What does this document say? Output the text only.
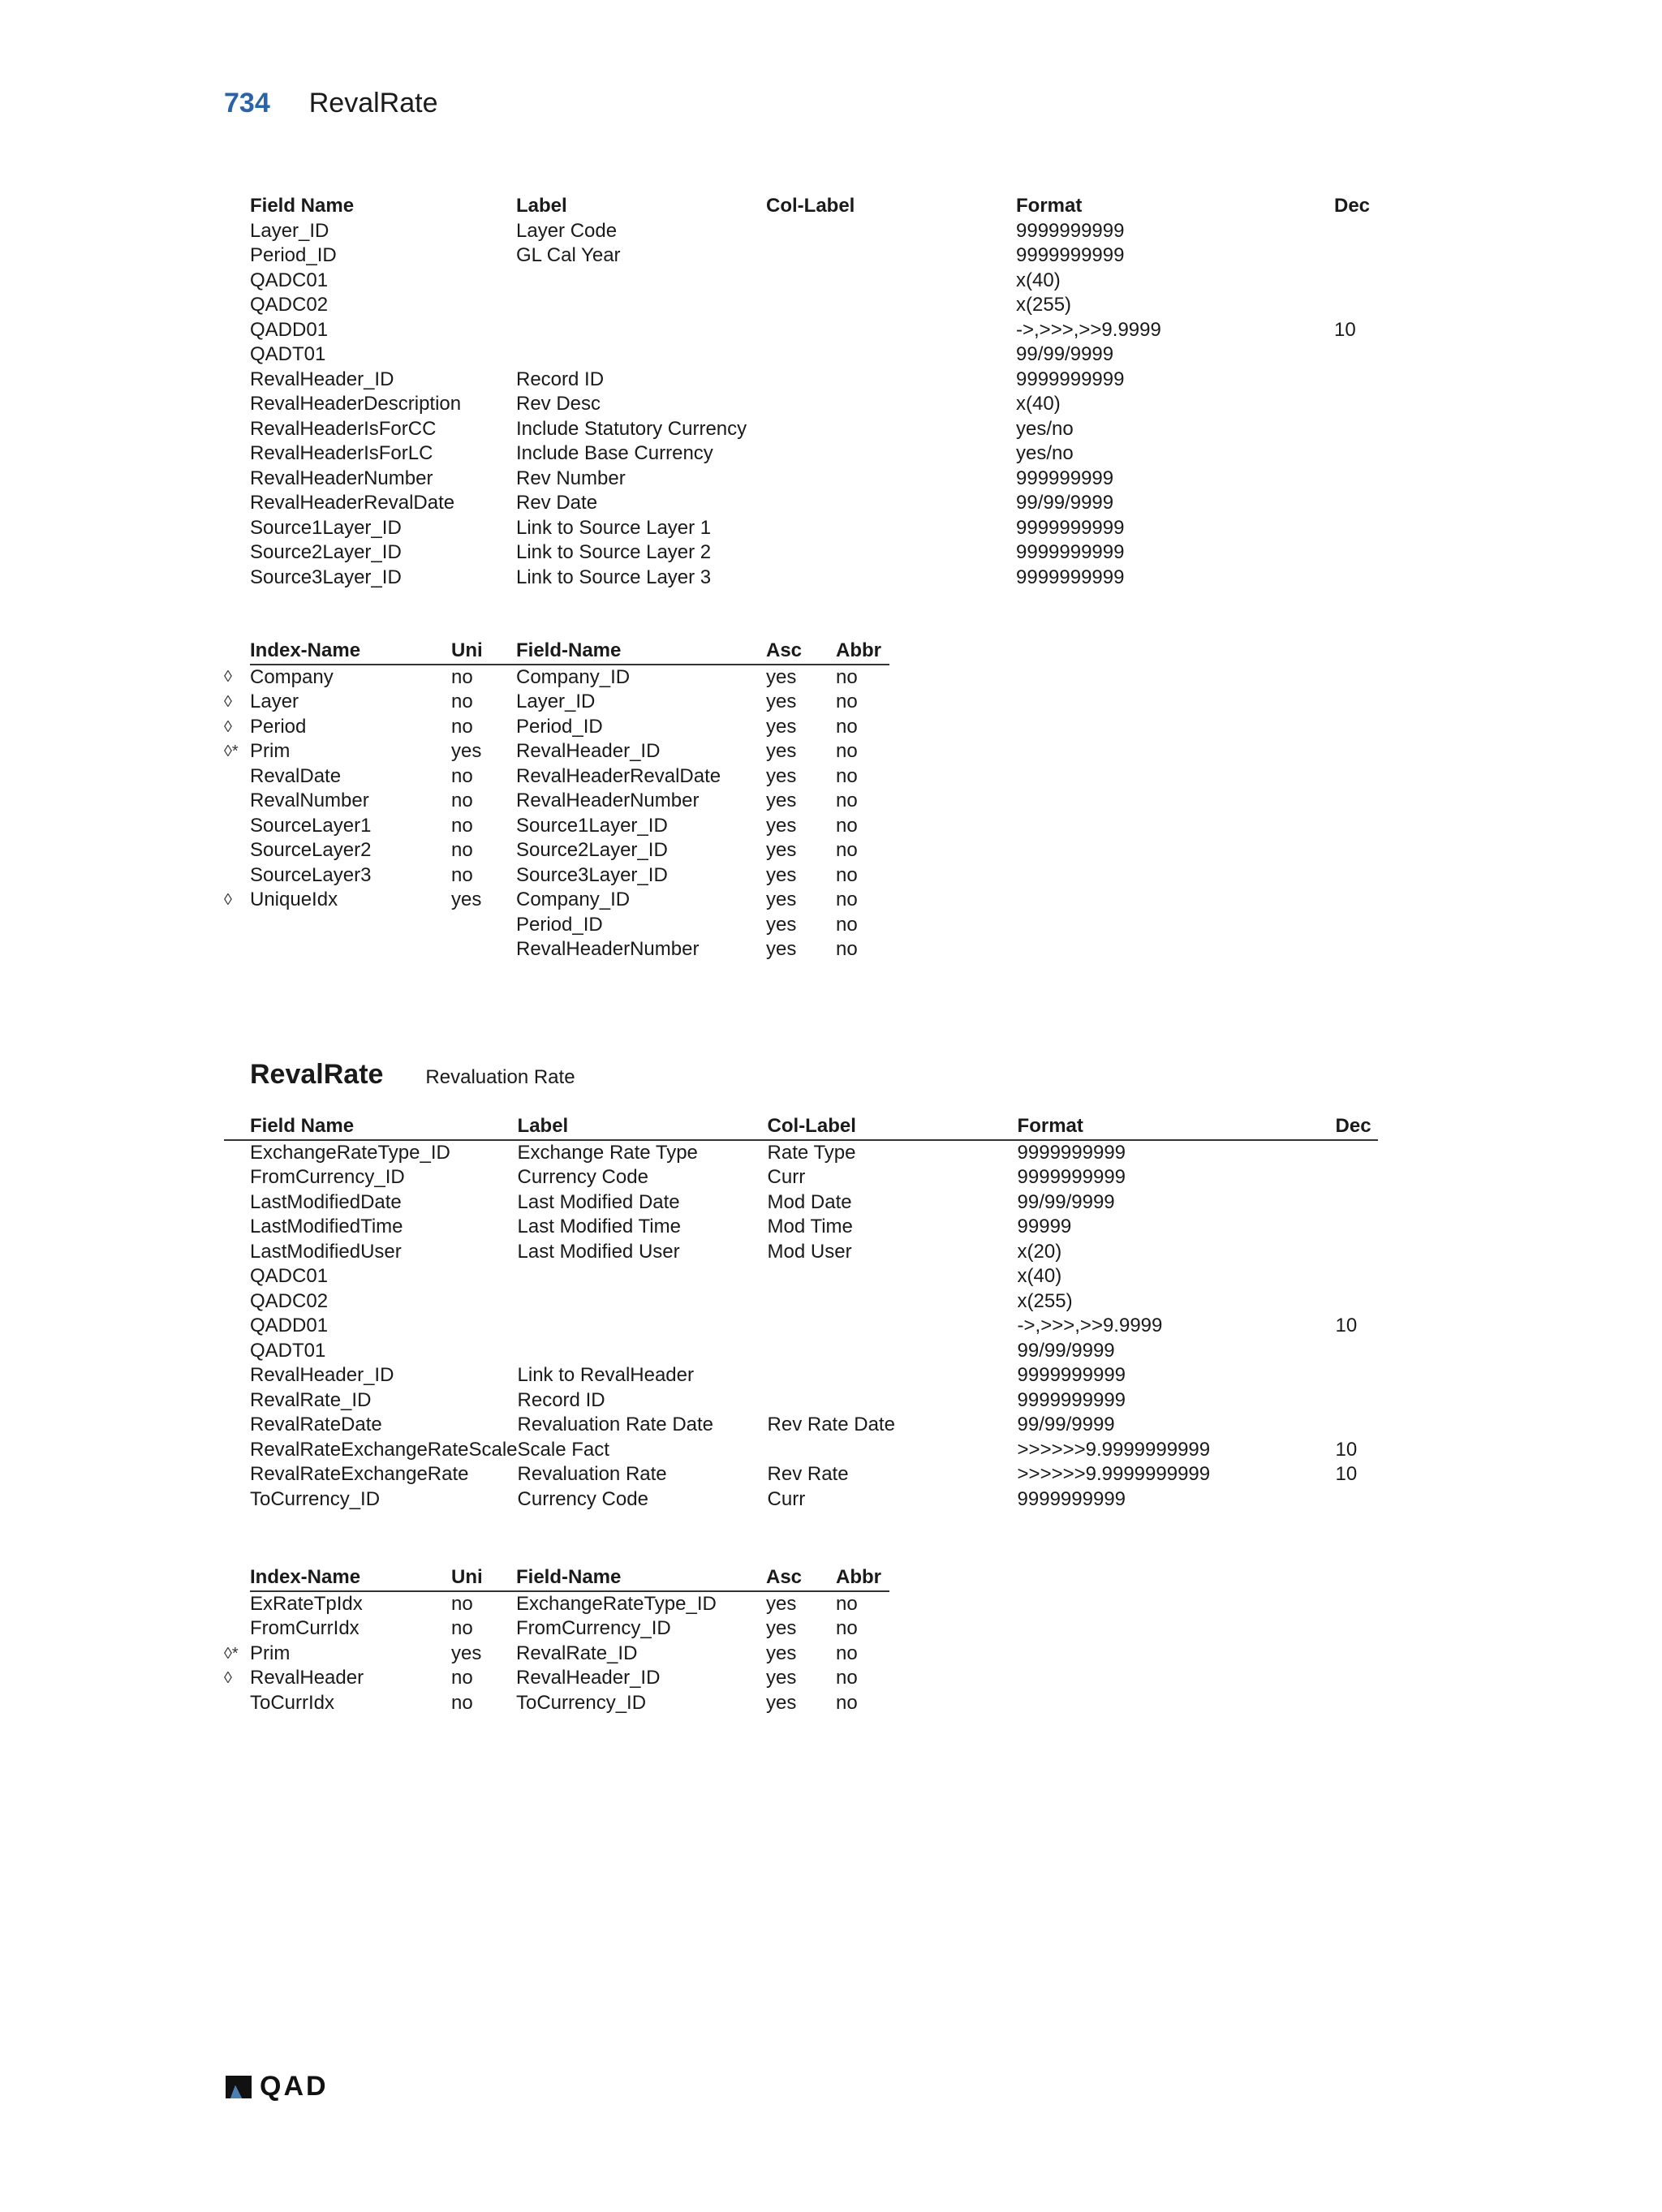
734 RevalRate
	Field Name	Label	Col-Label	Format	Dec
	Layer_ID	Layer Code		9999999999	
	Period_ID	GL Cal Year		9999999999	
	QADC01			x(40)	
	QADC02			x(255)	
	QADD01			->,>>>,>>9.9999	10
	QADT01			99/99/9999	
	RevalHeader_ID	Record ID		9999999999	
	RevalHeaderDescription	Rev Desc		x(40)	
	RevalHeaderIsForCC	Include Statutory Currency		yes/no	
	RevalHeaderIsForLC	Include Base Currency		yes/no	
	RevalHeaderNumber	Rev Number		999999999	
	RevalHeaderRevalDate	Rev Date		99/99/9999	
	Source1Layer_ID	Link to Source Layer 1		9999999999	
	Source2Layer_ID	Link to Source Layer 2		9999999999	
	Source3Layer_ID	Link to Source Layer 3		9999999999	
	Index-Name	Uni	Field-Name	Asc	Abbr
◊	Company	no	Company_ID	yes	no
◊	Layer	no	Layer_ID	yes	no
◊	Period	no	Period_ID	yes	no
◊*	Prim	yes	RevalHeader_ID	yes	no
	RevalDate	no	RevalHeaderRevalDate	yes	no
	RevalNumber	no	RevalHeaderNumber	yes	no
	SourceLayer1	no	Source1Layer_ID	yes	no
	SourceLayer2	no	Source2Layer_ID	yes	no
	SourceLayer3	no	Source3Layer_ID	yes	no
◊	UniqueIdx	yes	Company_ID	yes	no
			Period_ID	yes	no
			RevalHeaderNumber	yes	no
RevalRate Revaluation Rate
	Field Name	Label	Col-Label	Format	Dec
	ExchangeRateType_ID	Exchange Rate Type	Rate Type	9999999999	
	FromCurrency_ID	Currency Code	Curr	9999999999	
	LastModifiedDate	Last Modified Date	Mod Date	99/99/9999	
	LastModifiedTime	Last Modified Time	Mod Time	99999	
	LastModifiedUser	Last Modified User	Mod User	x(20)	
	QADC01			x(40)	
	QADC02			x(255)	
	QADD01			->,>>>,>>9.9999	10
	QADT01			99/99/9999	
	RevalHeader_ID	Link to RevalHeader		9999999999	
	RevalRate_ID	Record ID		9999999999	
	RevalRateDate	Revaluation Rate Date	Rev Rate Date	99/99/9999	
	RevalRateExchangeRateScale	Scale Fact		>>>>>>9.9999999999	10
	RevalRateExchangeRate	Revaluation Rate	Rev Rate	>>>>>>9.9999999999	10
	ToCurrency_ID	Currency Code	Curr	9999999999	
	Index-Name	Uni	Field-Name	Asc	Abbr
	ExRateTpIdx	no	ExchangeRateType_ID	yes	no
	FromCurrIdx	no	FromCurrency_ID	yes	no
◊*	Prim	yes	RevalRate_ID	yes	no
◊	RevalHeader	no	RevalHeader_ID	yes	no
	ToCurrIdx	no	ToCurrency_ID	yes	no
QAD
